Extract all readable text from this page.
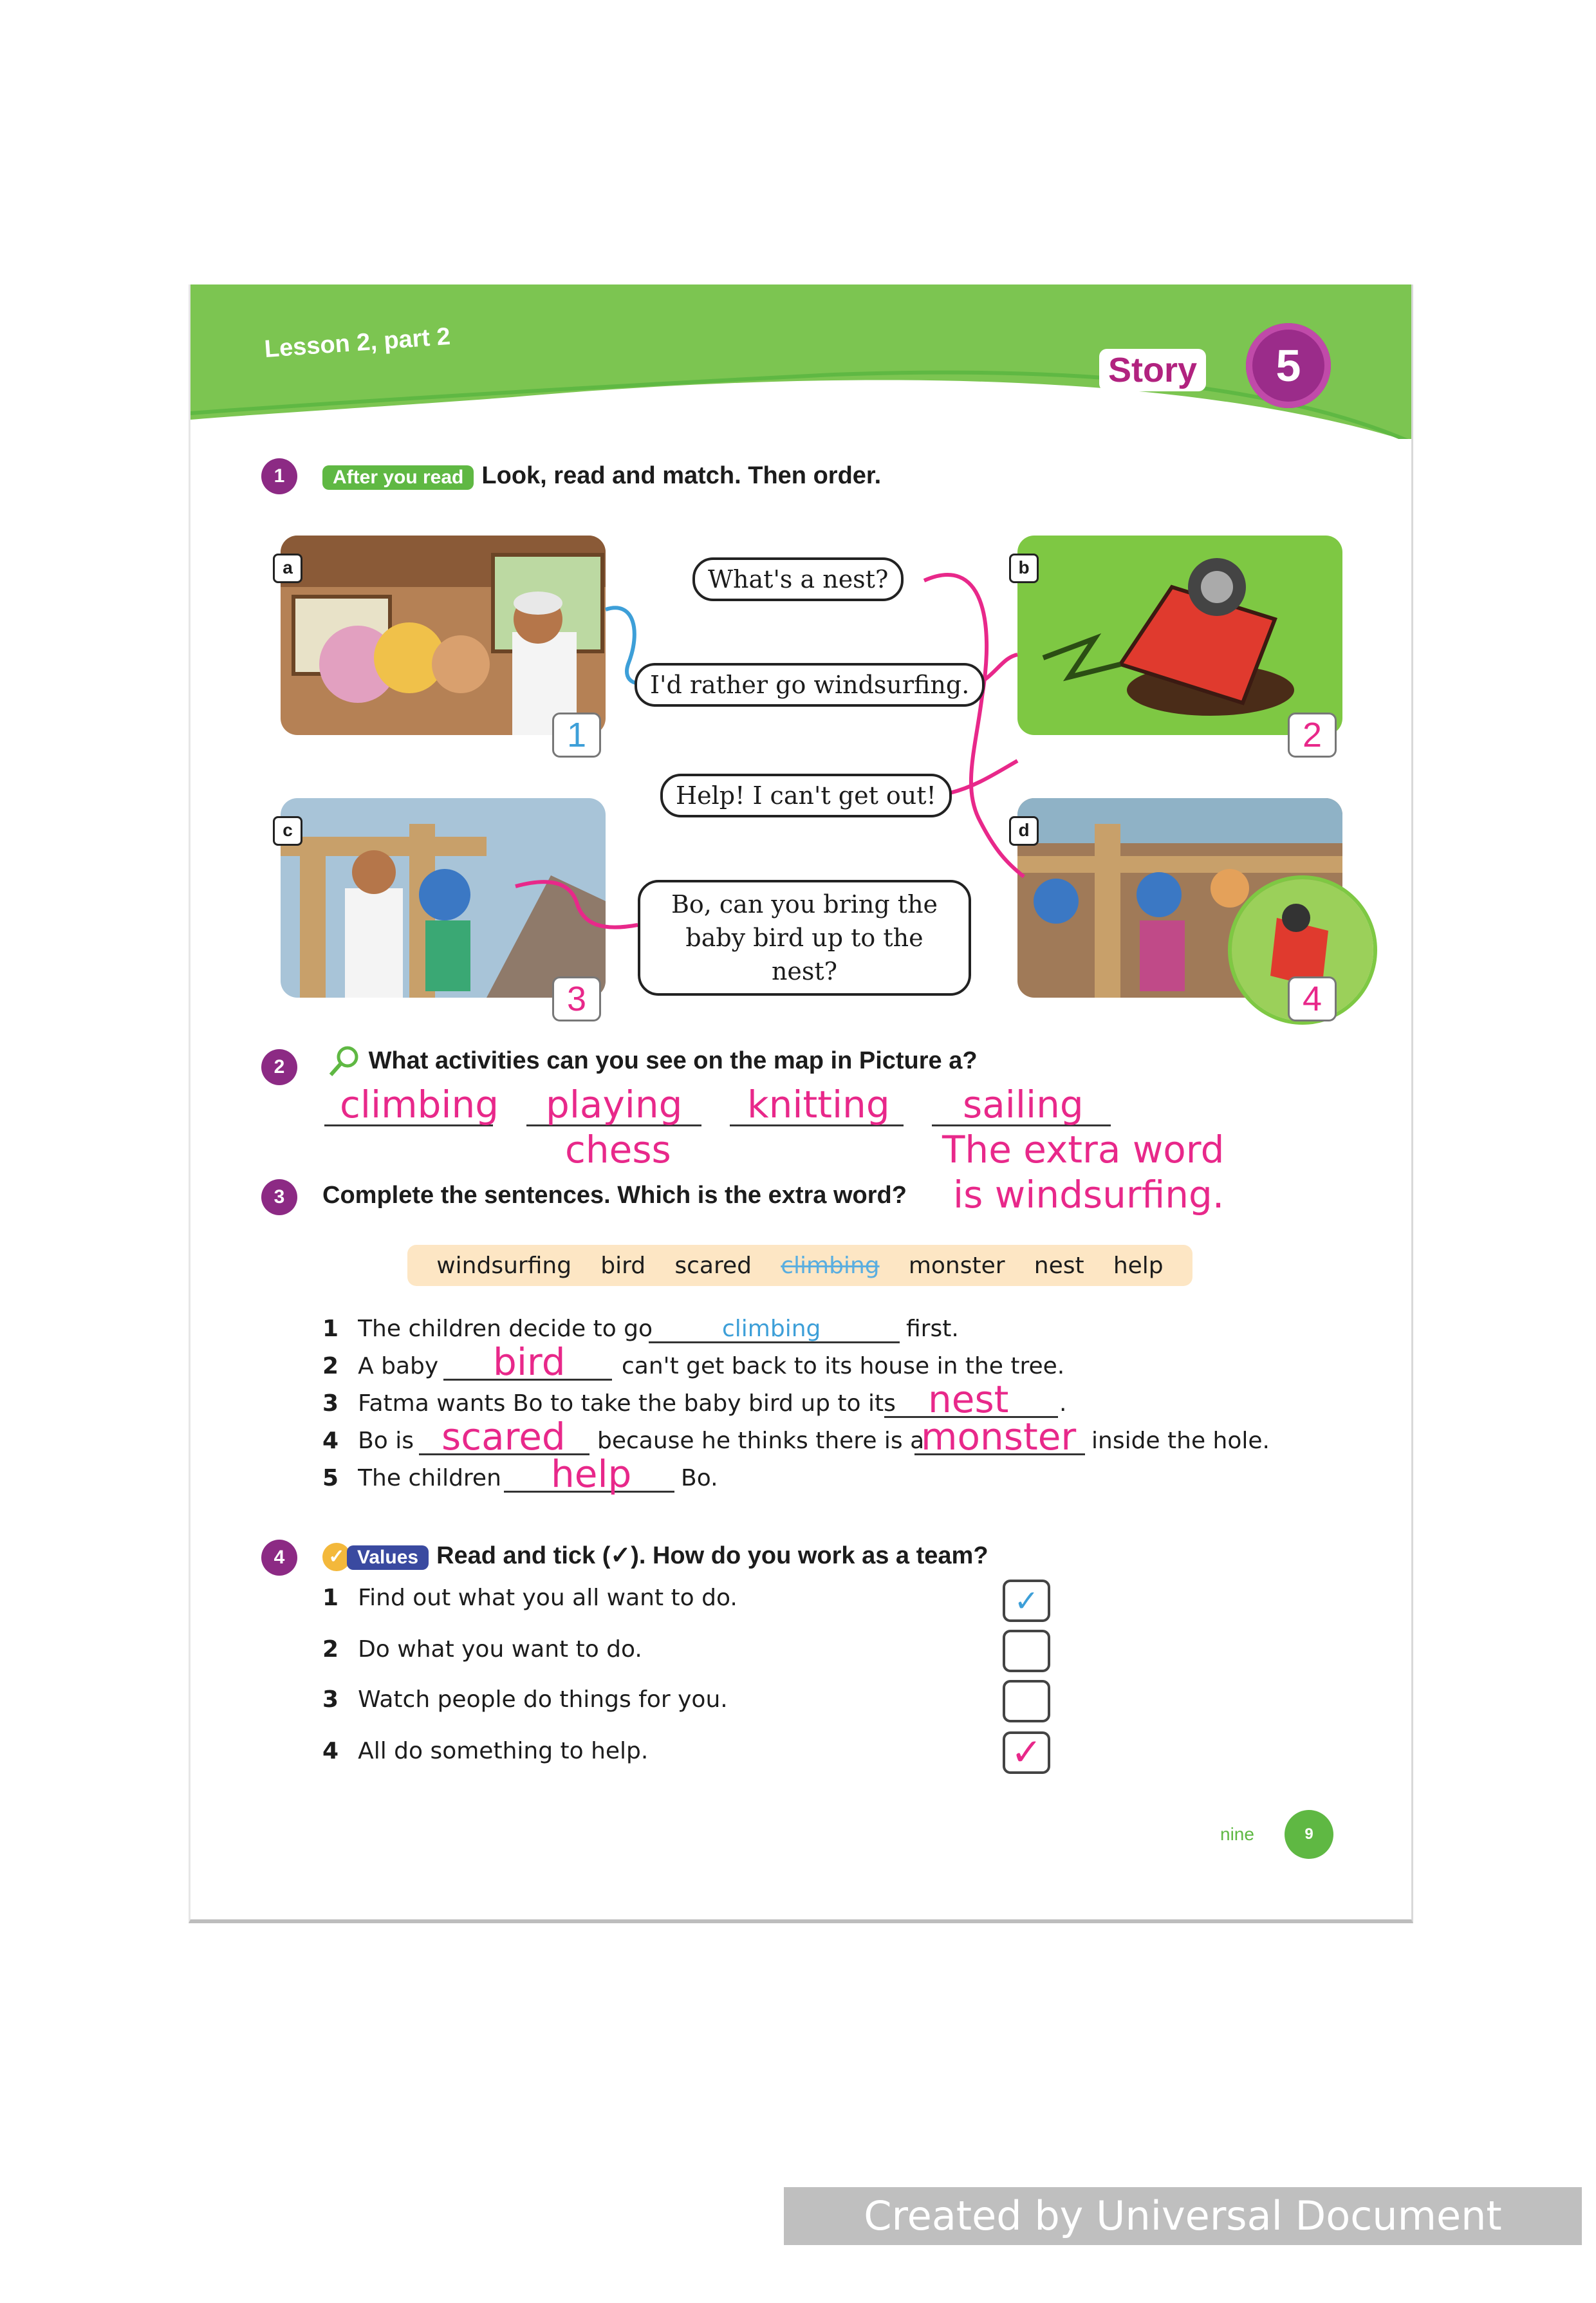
Lesson 2, part 2
Story	5
1	After you read Look, read and match. Then order.
a
1
b
2
c
3
d
4
What's a nest?
I'd rather go windsurfing.
Help! I can't get out!
Bo, can you bring the baby bird up to the nest?
2	What activities can you see on the map in Picture a?
climbing playing
chess
knitting sailing
The extra word
is windsurfing.
3	Complete the sentences. Which is the extra word?
windsurfing bird scared climbing monster nest help
1 The children decide to go	climbing	first.
2 A baby bird can't get back to its house in the tree.
3 Fatma wants Bo to take the baby bird up to its nest .
4 Bo is scared because he thinks there is a
monster inside the hole.
5 The children help Bo.
4	✓ Values Read and tick (✓). How do you work as a team?
1 Find out what you all want to do.	✓
2 Do what you want to do.
3 Watch people do things for you.
4 All do something to help.	✓
nine	9
Created by Universal Document Converter
